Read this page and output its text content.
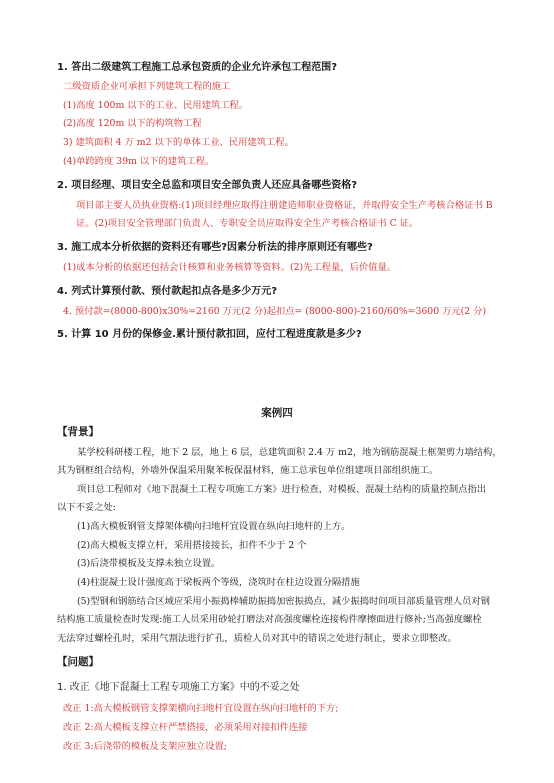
1. 答出二级建筑工程施工总承包资质的企业允许承包工程范围?
二级资质企业可承担下列建筑工程的施工
(1)高度 100m 以下的工业、民用建筑工程。
(2)高度 120m 以下的构筑物工程
3) 建筑面积 4 万 m2 以下的单体工业、民用建筑工程。
(4)单跨跨度 39m 以下的建筑工程。
2. 项目经理、项目安全总监和项目安全部负责人还应具备哪些资格?
项目部主要人员执业资格:(1)项目经理应取得注册建造师职业资格证，并取得安全生产考核合格证书 B
证。(2)项目安全管理部门负责人、专职安全员应取得安全生产考核合格证书 C 证。
3. 施工成本分析依据的资料还有哪些?因素分析法的排序原则还有哪些?
(1)成本分析的依据还包括会计核算和业务核算等资料。(2)先工程量，后价值量。
4. 列式计算预付款、预付款起扣点各是多少万元?
4. 预付款=(8000-800)x30%=2160 万元(2 分)起扣点= (8000-800)-2160/60%=3600 万元(2 分)
5. 计算 10 月份的保修金.累计预付款扣回，应付工程进度款是多少?
案例四
【背景】
某学校科研楼工程，地下 2 层，地上 6 层，总建筑面积 2.4 万 m2，地为钢筋混凝土框架剪力墙结构，
其为钢框组合结构，外墙外保温采用聚苯板保温材料，施工总承包单位组建项目部组织施工。
项目总工程师对《地下混凝土工程专项施工方案》进行检查，对模板、混凝土结构的质量控制点指出
以下不妥之处:
(1)高大模板钢管支撑架体横向扫地杆宜设置在纵向扫地杆的上方。
(2)高大模板支撑立杆，采用搭接接长，扣件不少于 2 个
(3)后浇带模板及支撑未独立设置。
(4)柱混凝土设计强度高于梁板两个等级，浇筑时在柱边设置分隔措施
(5)型钢和钢筋结合区域应采用小振捣棒辅助振捣加密振捣点，减少振捣时间项目部质量管理人员对钢
结构施工质量检查时发现:施工人员采用砂轮打磨法对高强度螺栓连接构件摩擦面进行修补;当高强度螺栓
无法穿过螺栓孔时，采用气割法进行扩孔，质检人员对其中的错误之处进行制止，要求立即整改。
【问题】
1. 改正《地下混凝土工程专项施工方案》中的不妥之处
改正 1:高大模板钢管支撑架横向扫地杆宜设置在纵向扫地杆的下方;
改正 2:高大模板支撑立杆严禁搭接，必须采用对接扣件连接
改正 3:后浇带的模板及支架应独立设置;
